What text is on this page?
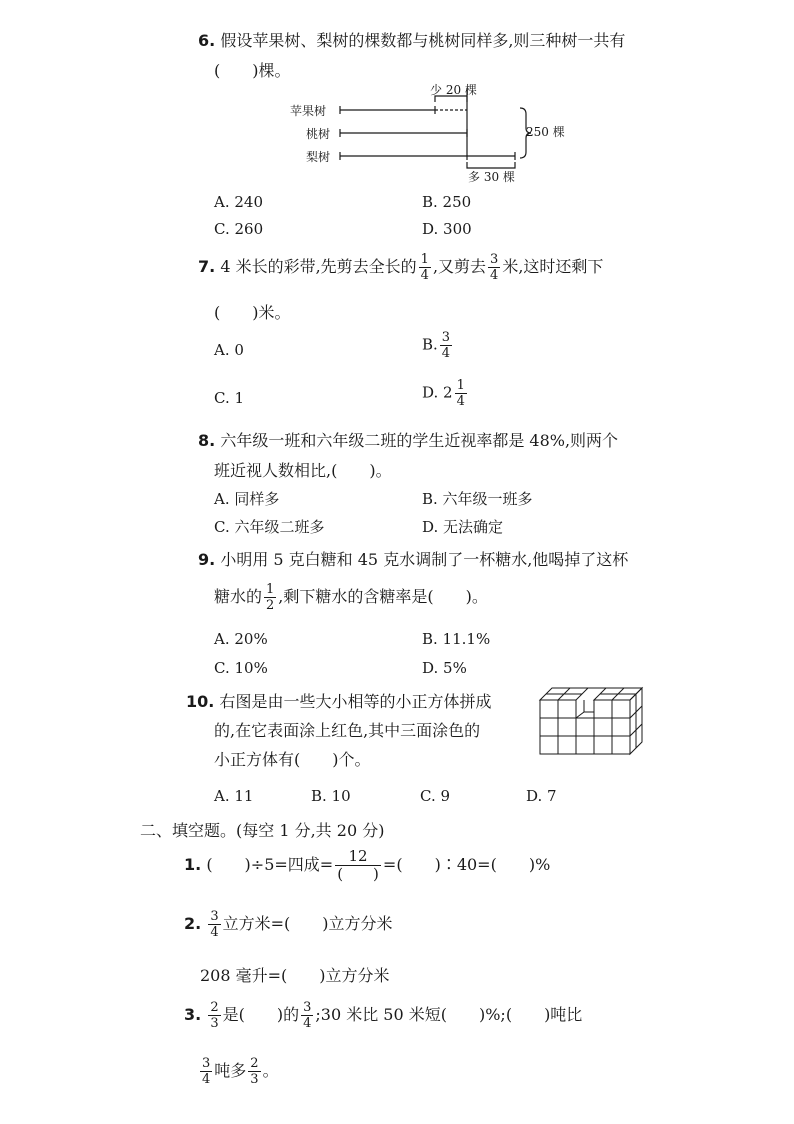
6. 假设苹果树、梨树的棵数都与桃树同样多,则三种树一共有
(　　)棵。
苹果树
桃树
梨树
少 20 棵
多 30 棵
250 棵
A. 240	B. 250
C. 260	D. 300
7. 4 米长的彩带,先剪去全长的 $\frac{1}{4}$ ,又剪去 $\frac{3}{4}$ 米,这时还剩下
(　　)米。
A. 0	B. $\frac{3}{4}$
C. 1	D. $2 \frac{1}{4}$
8. 六年级一班和六年级二班的学生近视率都是 48%,则两个
班近视人数相比,(　　)。
A. 同样多	B. 六年级一班多
C. 六年级二班多	D. 无法确定
9. 小明用 5 克白糖和 45 克水调制了一杯糖水,他喝掉了这杯
糖水的 $\frac{1}{2}$ ,剩下糖水的含糖率是(　　)。
A. 20%	B. 11.1%
C. 10%	D. 5%
10. 右图是由一些大小相等的小正方体拼成
的,在它表面涂上红色,其中三面涂色的
小正方体有(　　)个。
A. 11	B. 10	C. 9	D. 7
二、填空题。(每空 1 分,共 20 分)
1. (　　)÷5=四成= $\frac{12}{( )}$ =(　　)∶40=(　　)%
2. $\frac{3}{4}$ 立方米=(　　)立方分米
208 毫升=(　　)立方分米
3. $\frac{2}{3}$ 是(　　)的 $\frac{3}{4}$ ;30 米比 50 米短(　　)%;(　　)吨比
$\frac{3}{4}$ 吨多 $\frac{2}{3}$ 。
